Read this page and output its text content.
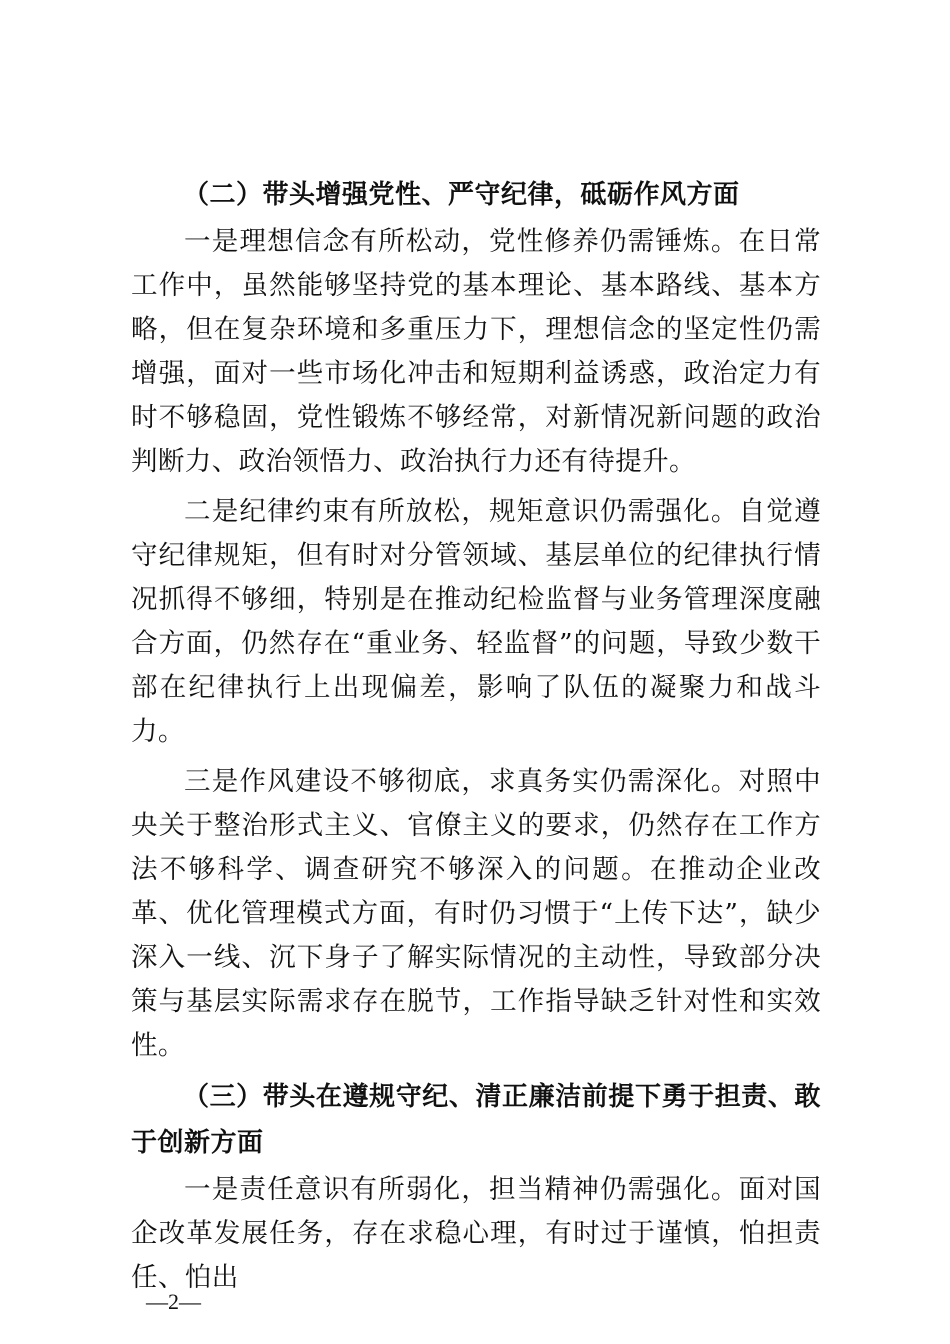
（二）带头增强党性、严守纪律，砥砺作风方面

一是理想信念有所松动，党性修养仍需锤炼。在日常工作中，虽然能够坚持党的基本理论、基本路线、基本方略，但在复杂环境和多重压力下，理想信念的坚定性仍需增强，面对一些市场化冲击和短期利益诱惑，政治定力有时不够稳固，党性锻炼不够经常，对新情况新问题的政治判断力、政治领悟力、政治执行力还有待提升。

二是纪律约束有所放松，规矩意识仍需强化。自觉遵守纪律规矩，但有时对分管领域、基层单位的纪律执行情况抓得不够细，特别是在推动纪检监督与业务管理深度融合方面，仍然存在“重业务、轻监督”的问题，导致少数干部在纪律执行上出现偏差，影响了队伍的凝聚力和战斗力。

三是作风建设不够彻底，求真务实仍需深化。对照中央关于整治形式主义、官僚主义的要求，仍然存在工作方法不够科学、调查研究不够深入的问题。在推动企业改革、优化管理模式方面，有时仍习惯于“上传下达”，缺少深入一线、沉下身子了解实际情况的主动性，导致部分决策与基层实际需求存在脱节，工作指导缺乏针对性和实效性。

（三）带头在遵规守纪、清正廉洁前提下勇于担责、敢于创新方面

一是责任意识有所弱化，担当精神仍需强化。面对国企改革发展任务，存在求稳心理，有时过于谨慎，怕担责任、怕出

—2—
